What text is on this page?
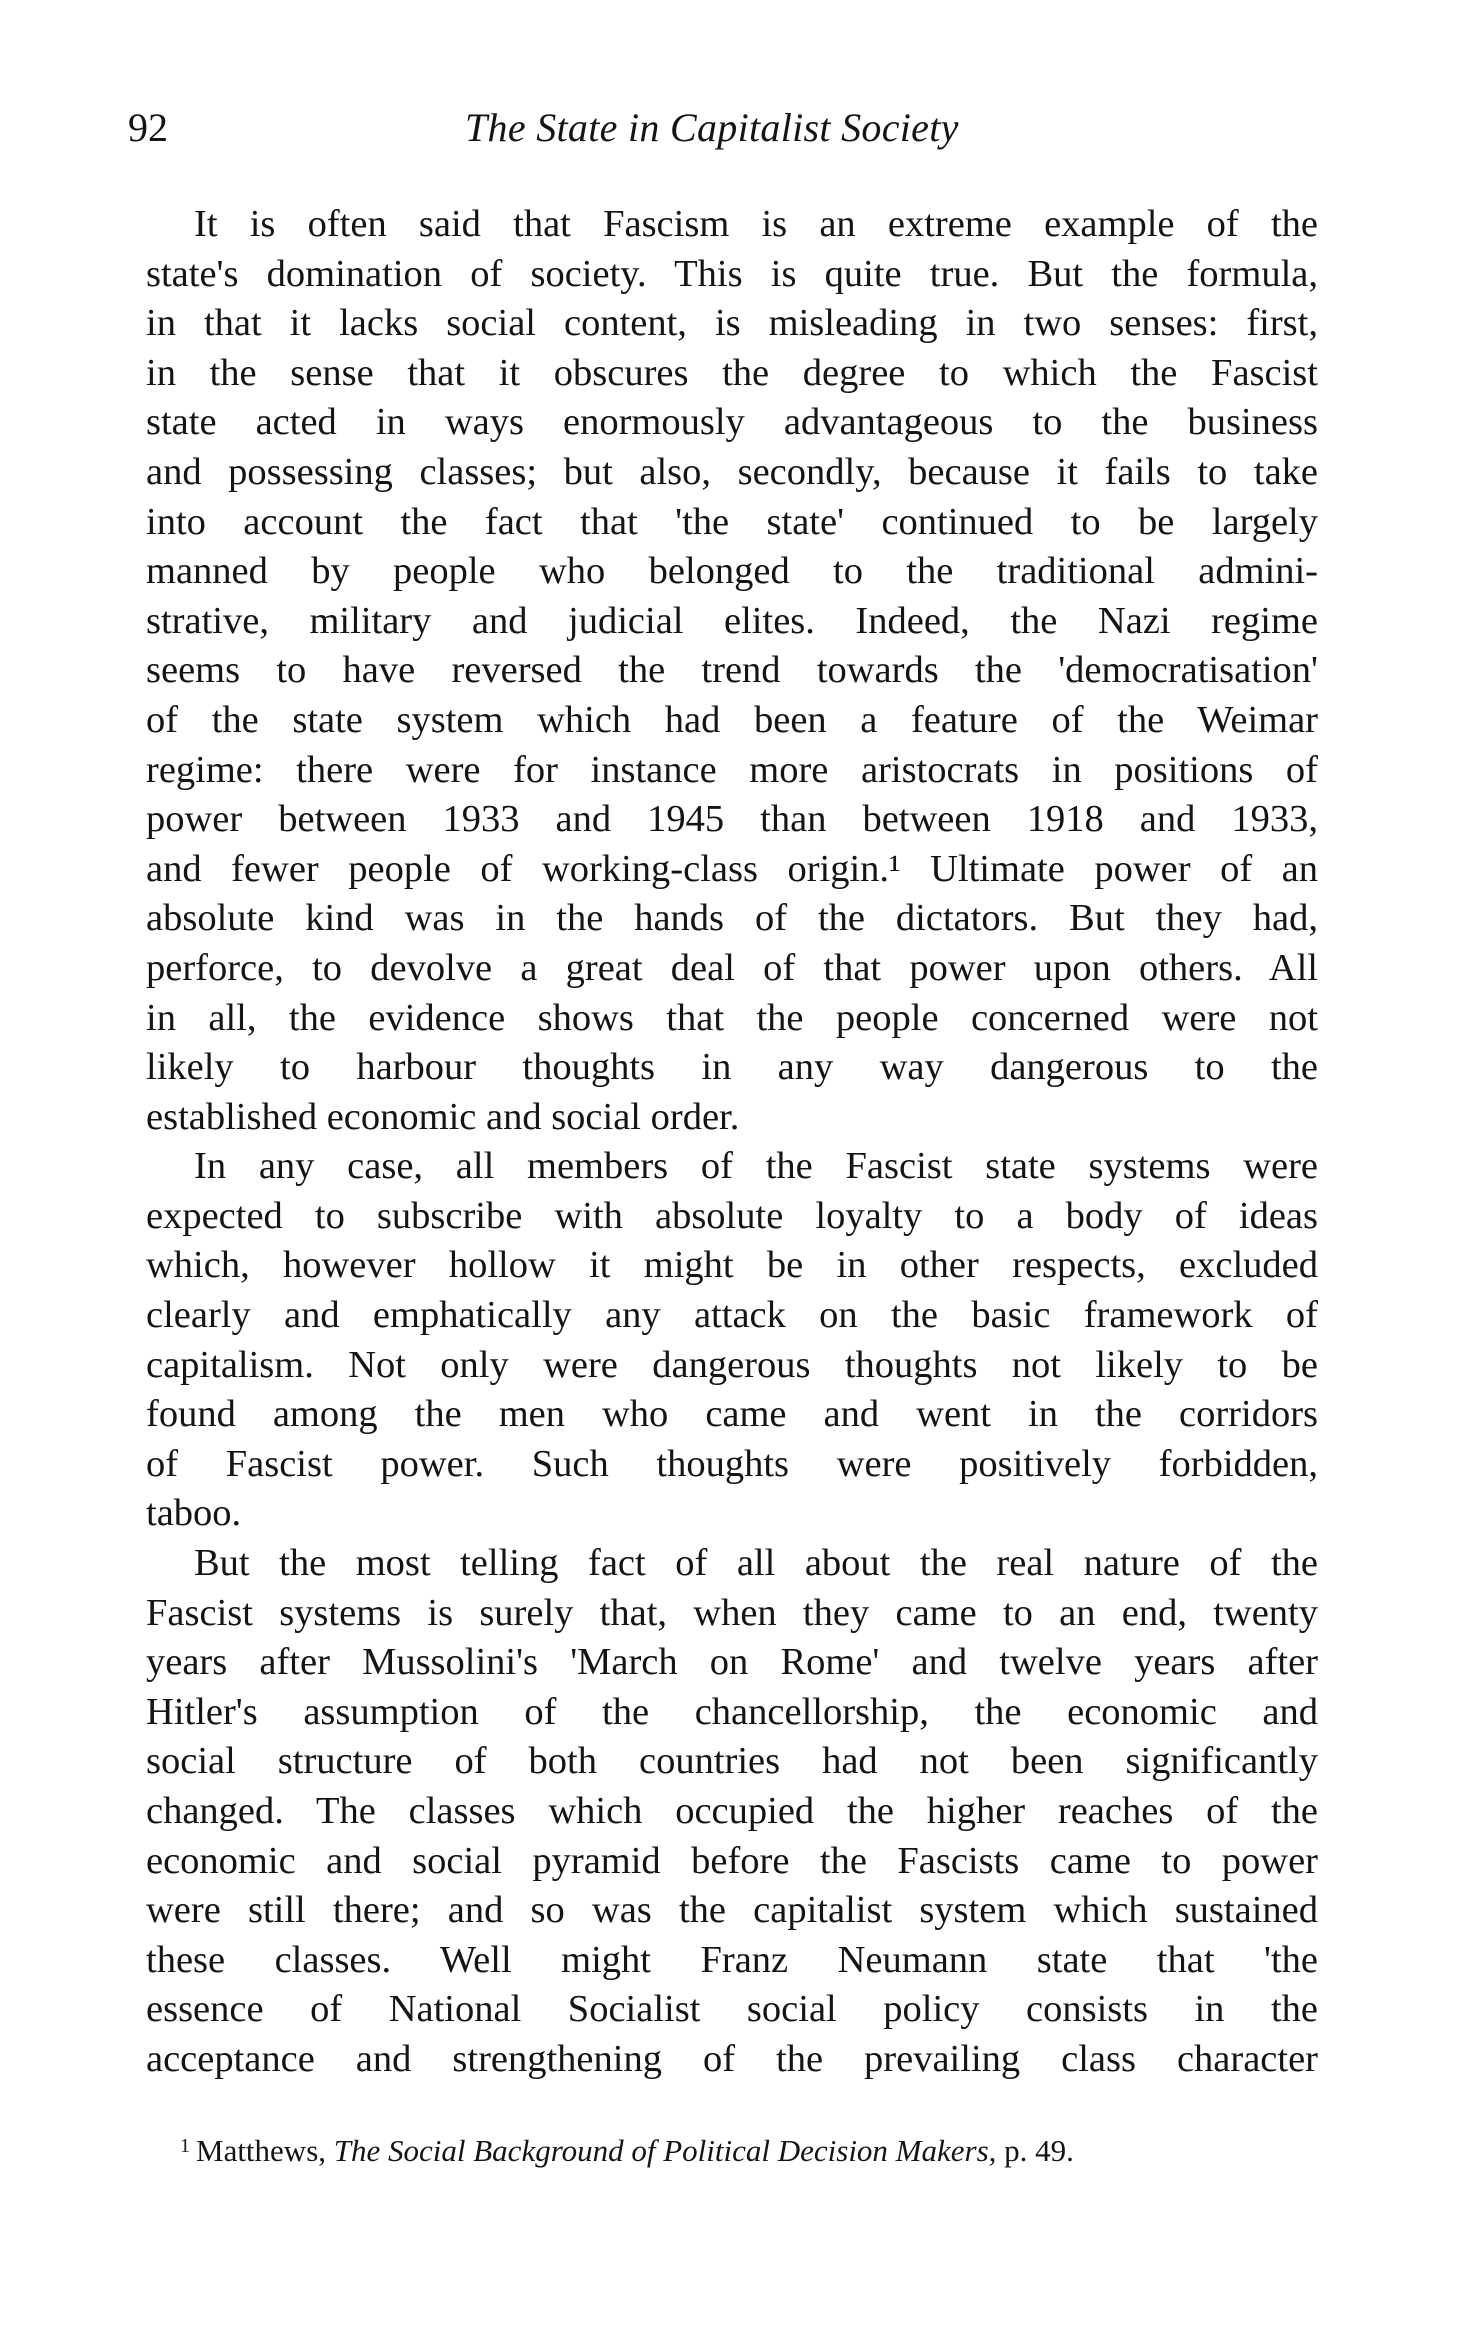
92	The State in Capitalist Society
It is often said that Fascism is an extreme example of the
state's domination of society. This is quite true. But the formula,
in that it lacks social content, is misleading in two senses: first,
in the sense that it obscures the degree to which the Fascist
state acted in ways enormously advantageous to the business
and possessing classes; but also, secondly, because it fails to take
into account the fact that 'the state' continued to be largely
manned by people who belonged to the traditional admini-
strative, military and judicial elites. Indeed, the Nazi regime
seems to have reversed the trend towards the 'democratisation'
of the state system which had been a feature of the Weimar
regime: there were for instance more aristocrats in positions of
power between 1933 and 1945 than between 1918 and 1933,
and fewer people of working-class origin.¹ Ultimate power of an
absolute kind was in the hands of the dictators. But they had,
perforce, to devolve a great deal of that power upon others. All
in all, the evidence shows that the people concerned were not
likely to harbour thoughts in any way dangerous to the
established economic and social order.
In any case, all members of the Fascist state systems were
expected to subscribe with absolute loyalty to a body of ideas
which, however hollow it might be in other respects, excluded
clearly and emphatically any attack on the basic framework of
capitalism. Not only were dangerous thoughts not likely to be
found among the men who came and went in the corridors
of Fascist power. Such thoughts were positively forbidden,
taboo.
But the most telling fact of all about the real nature of the
Fascist systems is surely that, when they came to an end, twenty
years after Mussolini's 'March on Rome' and twelve years after
Hitler's assumption of the chancellorship, the economic and
social structure of both countries had not been significantly
changed. The classes which occupied the higher reaches of the
economic and social pyramid before the Fascists came to power
were still there; and so was the capitalist system which sustained
these classes. Well might Franz Neumann state that 'the
essence of National Socialist social policy consists in the
acceptance and strengthening of the prevailing class character
$^1$ Matthews, The Social Background of Political Decision Makers, p. 49.
